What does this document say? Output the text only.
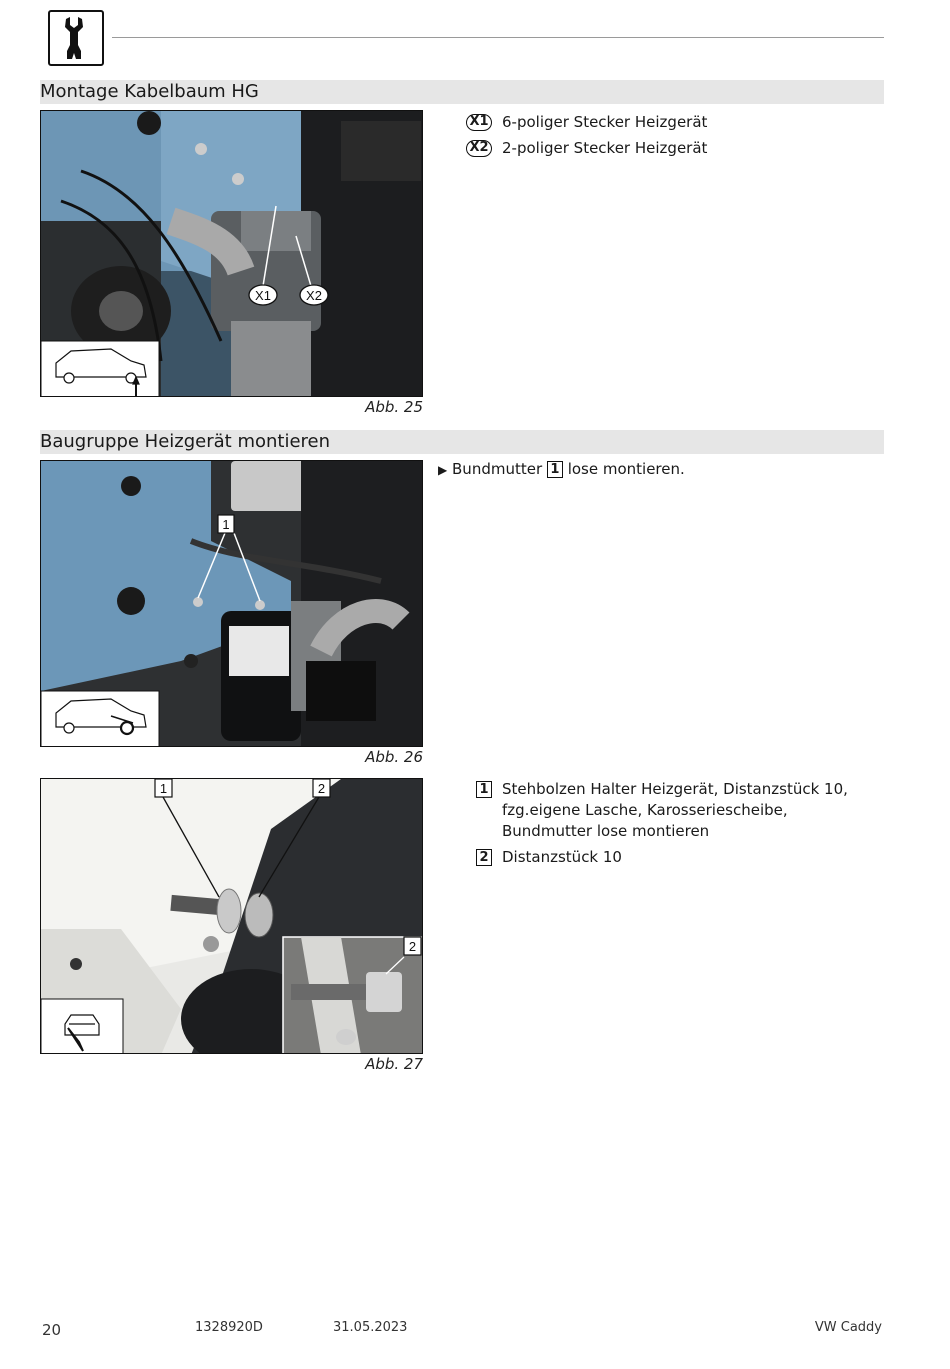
Montage Kabelbaum HG
X1	X2
Abb. 25
X1 6-poliger Stecker Heizgerät
X2 2-poliger Stecker Heizgerät
Baugruppe Heizgerät montieren
1
Abb. 26
▶ Bundmutter 1 lose montieren.
1	2
2
Abb. 27
1 Stehbolzen Halter Heizgerät, Distanzstück 10, fzg.eigene Lasche, Karosseriescheibe, Bundmutter lose montieren
2 Distanzstück 10
20	1328920D	31.05.2023	VW Caddy
